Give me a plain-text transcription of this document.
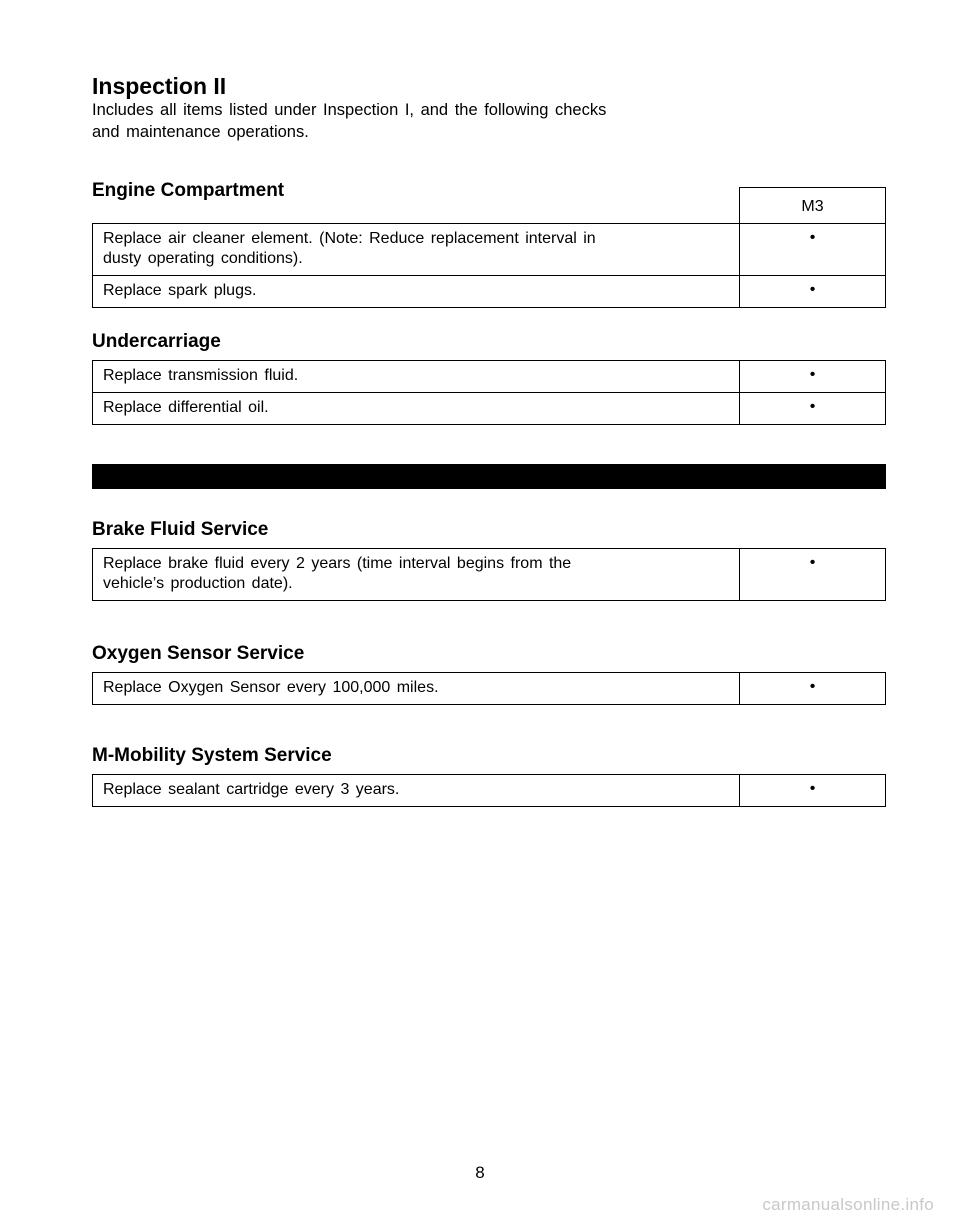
Inspection II

Includes all items listed under Inspection I, and the following checks
and maintenance operations.

Engine Compartment
	M3
Replace air cleaner element. (Note: Reduce replacement interval in
dusty operating conditions).	•
Replace spark plugs.	•
Undercarriage
Replace transmission fluid.	•
Replace differential oil.	•
Brake Fluid Service
Replace brake fluid every 2 years (time interval begins from the
vehicle’s production date).	•
Oxygen Sensor Service
Replace Oxygen Sensor every 100,000 miles.	•
M-Mobility System Service
Replace sealant cartridge every 3 years.	•
8
carmanualsonline.info
